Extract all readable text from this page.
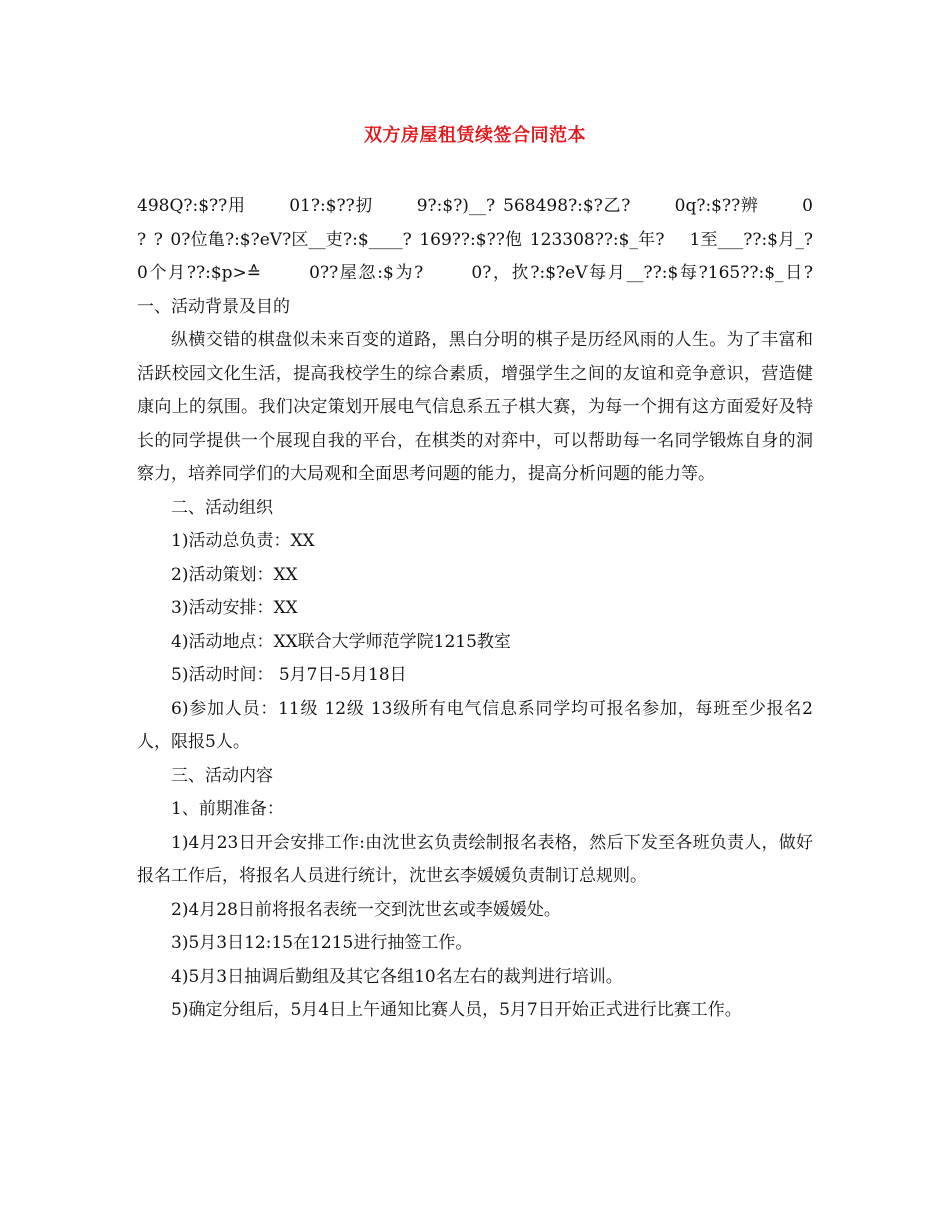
双方房屋租赁续签合同范本

498Q?:$??用　　 01?:$??扨　　 9?:$?)__? 568498?:$?乙?　　 0q?:$??辨　　 0 ? ? 0?位亀?:$?eV?区__吏?:$____? 169??:$??佨 123308??:$_年?　 1至___??:$月_?　　 0个月??:$p>≙　　 0??屋忽:$为?　　 0?，扻?:$?eV每月__??:$每?165??:$_日?　　　　一、活动背景及目的

纵横交错的棋盘似未来百变的道路，黑白分明的棋子是历经风雨的人生。为了丰富和活跃校园文化生活，提高我校学生的综合素质，增强学生之间的友谊和竞争意识，营造健康向上的氛围。我们决定策划开展电气信息系五子棋大赛，为每一个拥有这方面爱好及特长的同学提供一个展现自我的平台，在棋类的对弈中，可以帮助每一名同学锻炼自身的洞察力，培养同学们的大局观和全面思考问题的能力，提高分析问题的能力等。

二、活动组织

1)活动总负责：XX

2)活动策划：XX

3)活动安排：XX

4)活动地点：XX联合大学师范学院1215教室

5)活动时间： 5月7日-5月18日

6)参加人员：11级 12级 13级所有电气信息系同学均可报名参加，每班至少报名2人，限报5人。

三、活动内容

1、前期准备：

1)4月23日开会安排工作:由沈世玄负责绘制报名表格，然后下发至各班负责人，做好报名工作后，将报名人员进行统计，沈世玄李媛媛负责制订总规则。

2)4月28日前将报名表统一交到沈世玄或李媛媛处。

3)5月3日12:15在1215进行抽签工作。

4)5月3日抽调后勤组及其它各组10名左右的裁判进行培训。

5)确定分组后，5月4日上午通知比赛人员，5月7日开始正式进行比赛工作。
